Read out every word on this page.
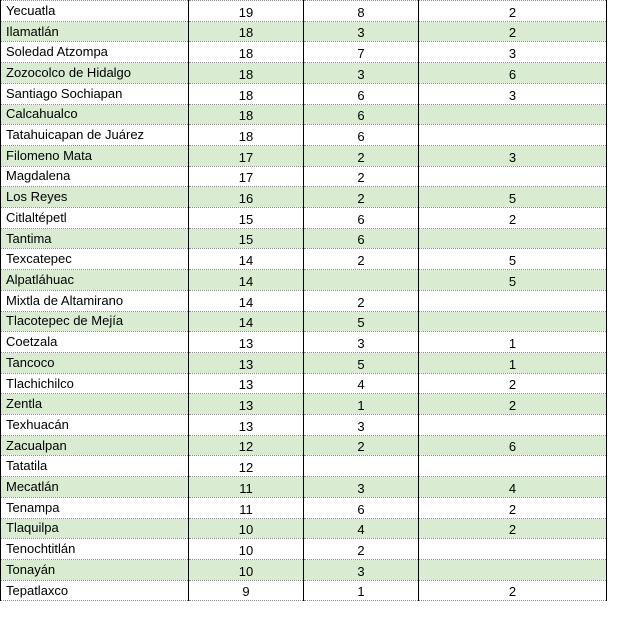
Yecuatla	19	8	2
Ilamatlán	18	3	2
Soledad Atzompa	18	7	3
Zozocolco de Hidalgo	18	3	6
Santiago Sochiapan	18	6	3
Calcahualco	18	6	
Tatahuicapan de Juárez	18	6	
Filomeno Mata	17	2	3
Magdalena	17	2	
Los Reyes	16	2	5
Citlaltépetl	15	6	2
Tantima	15	6	
Texcatepec	14	2	5
Alpatláhuac	14		5
Mixtla de Altamirano	14	2	
Tlacotepec de Mejía	14	5	
Coetzala	13	3	1
Tancoco	13	5	1
Tlachichilco	13	4	2
Zentla	13	1	2
Texhuacán	13	3	
Zacualpan	12	2	6
Tatatila	12		
Mecatlán	11	3	4
Tenampa	11	6	2
Tlaquilpa	10	4	2
Tenochtitlán	10	2	
Tonayán	10	3	
Tepatlaxco	9	1	2
